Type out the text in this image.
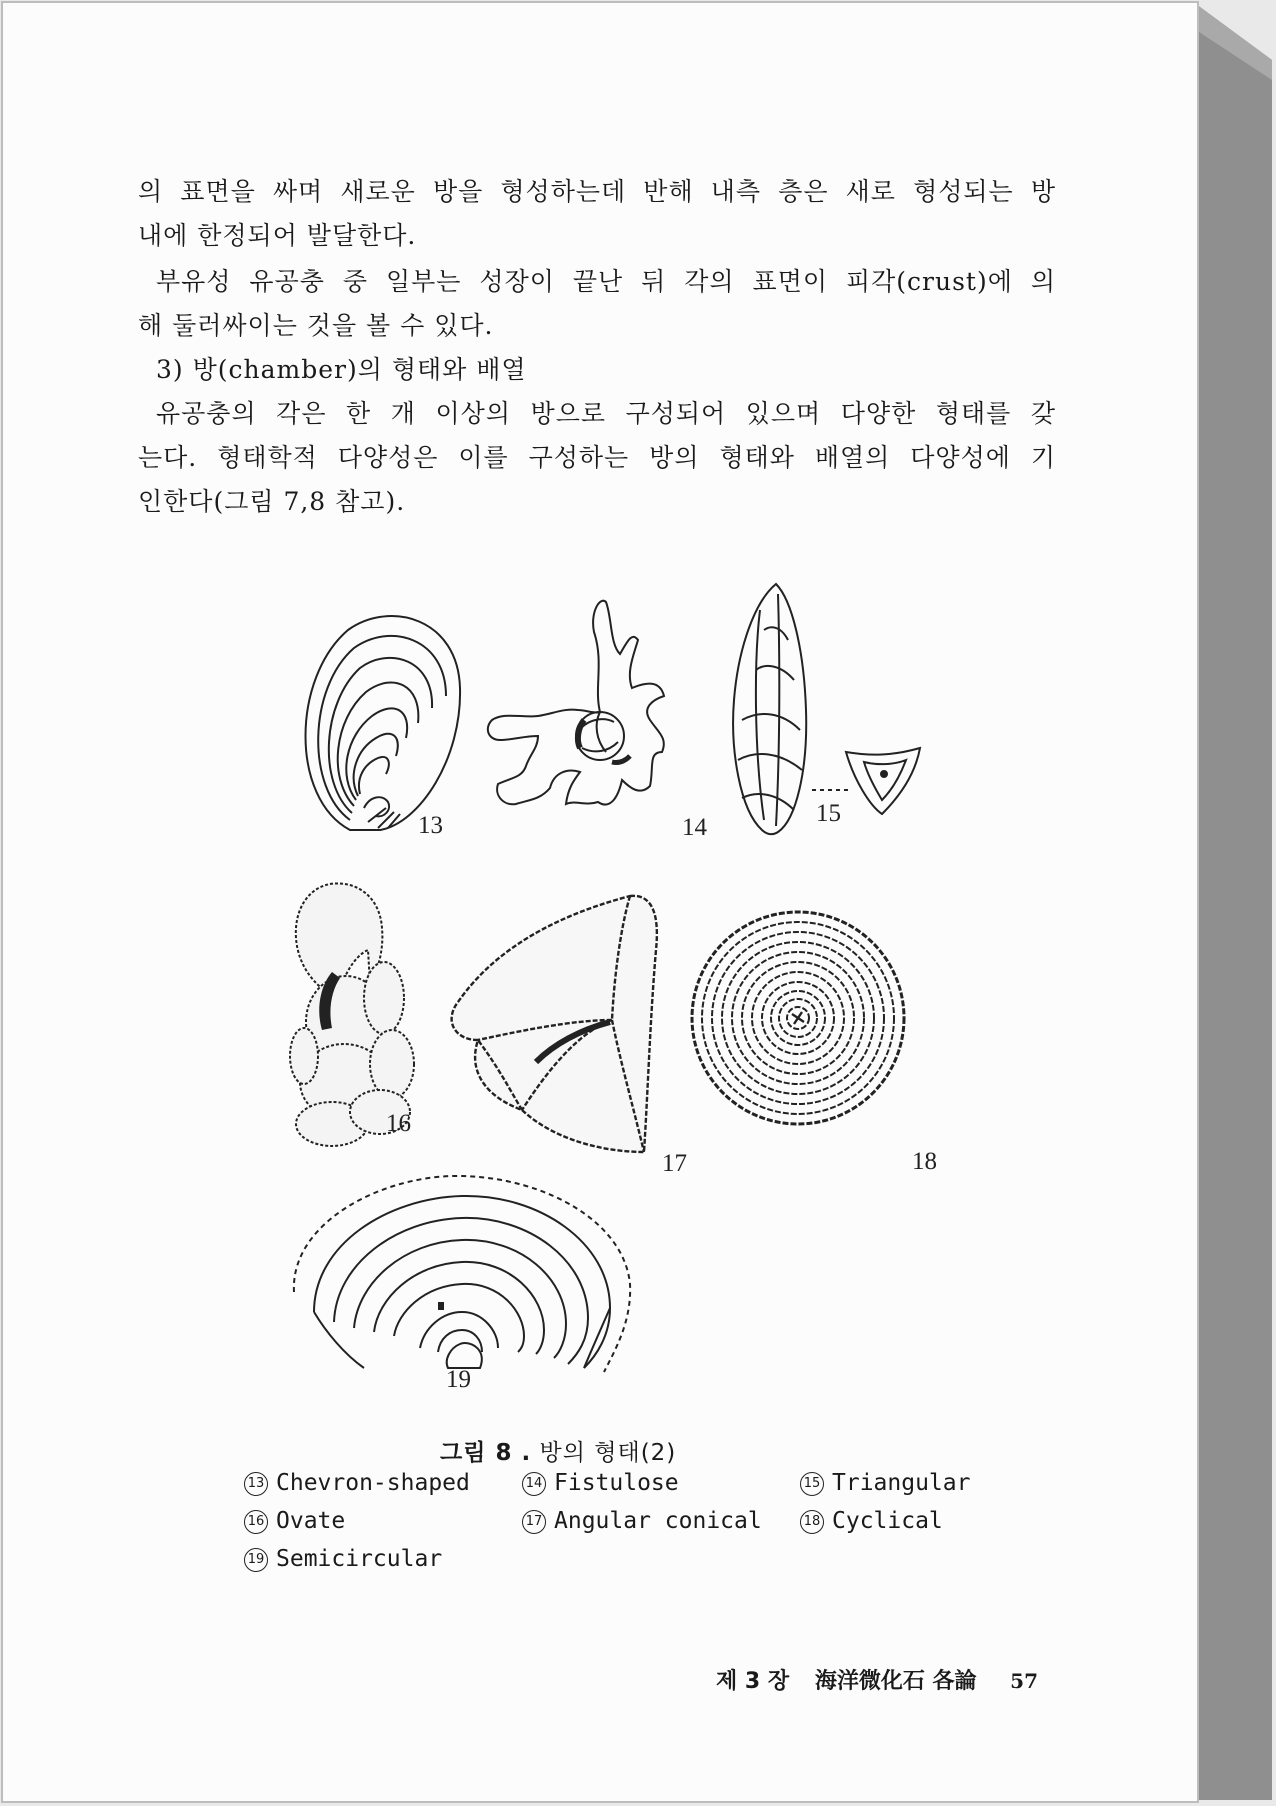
의 표면을 싸며 새로운 방을 형성하는데 반해 내측 층은 새로 형성되는 방
내에 한정되어 발달한다.
부유성 유공충 중 일부는 성장이 끝난 뒤 각의 표면이 피각(crust)에 의
해 둘러싸이는 것을 볼 수 있다.
3) 방(chamber)의 형태와 배열
유공충의 각은 한 개 이상의 방으로 구성되어 있으며 다양한 형태를 갖
는다. 형태학적 다양성은 이를 구성하는 방의 형태와 배열의 다양성에 기
인한다(그림 7,8 참고).
13	14
15
16
17	18
19
그림 8 . 방의 형태(2)
13 Chevron-shaped	14 Fistulose	15 Triangular
16 Ovate	17 Angular conical	18 Cyclical
19 Semicircular
제 3 장 海洋微化石 各論 57
